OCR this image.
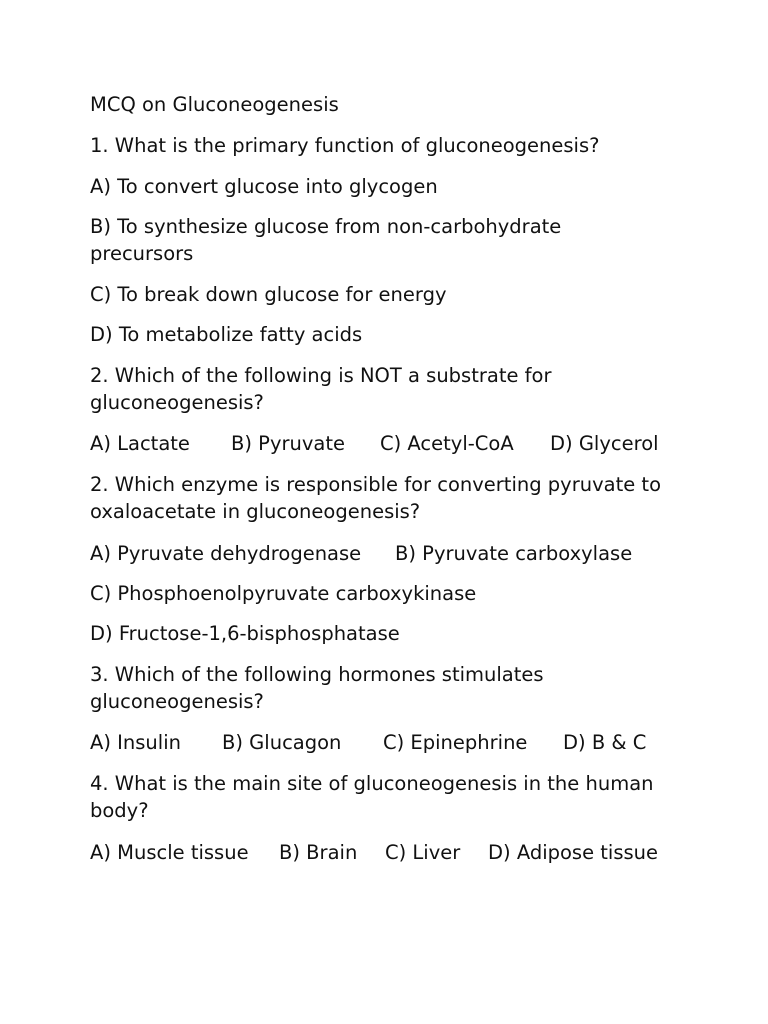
MCQ on Gluconeogenesis

1. What is the primary function of gluconeogenesis?

A) To convert glucose into glycogen

B) To synthesize glucose from non-carbohydrate precursors

C) To break down glucose for energy

D) To metabolize fatty acids

2. Which of the following is NOT a substrate for gluconeogenesis?

A) Lactate B) Pyruvate C) Acetyl-CoA D) Glycerol

2. Which enzyme is responsible for converting pyruvate to oxaloacetate in gluconeogenesis?

A) Pyruvate dehydrogenase B) Pyruvate carboxylase

C) Phosphoenolpyruvate carboxykinase

D) Fructose-1,6-bisphosphatase

3. Which of the following hormones stimulates gluconeogenesis?

A) Insulin B) Glucagon C) Epinephrine D) B & C

4. What is the main site of gluconeogenesis in the human body?

A) Muscle tissue B) Brain C) Liver D) Adipose tissue
